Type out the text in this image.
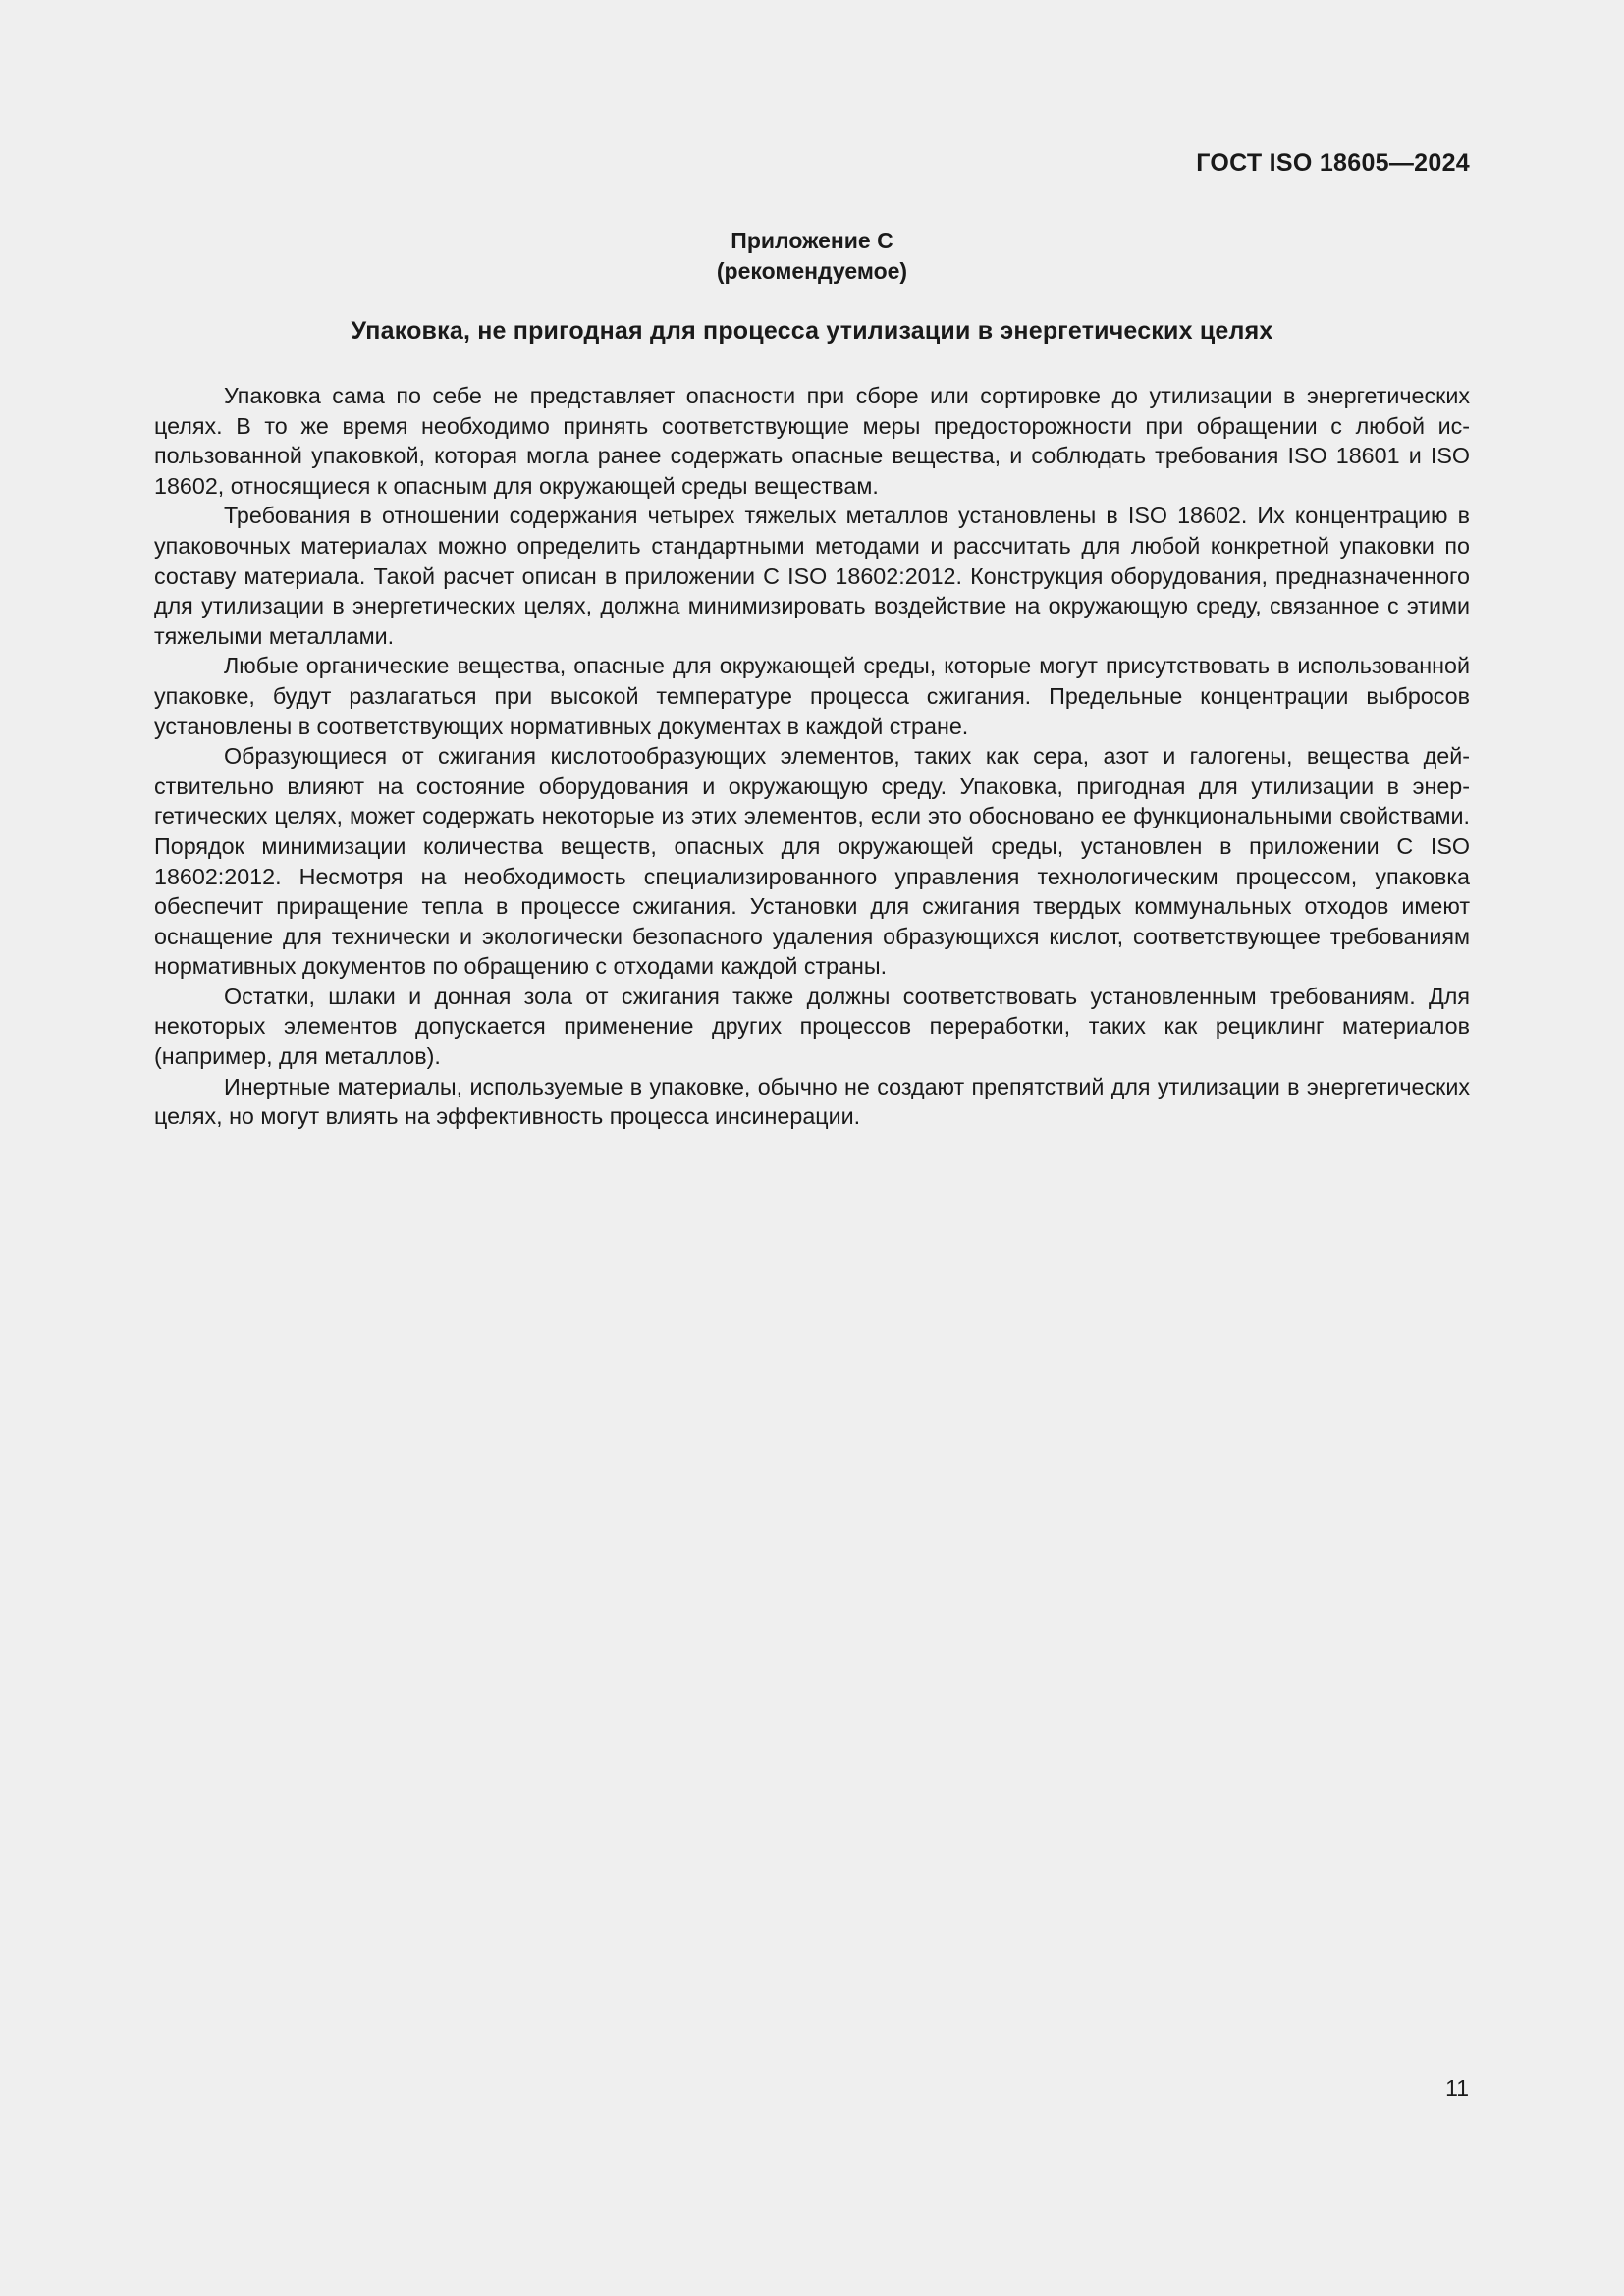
ГОСТ ISO 18605—2024
Приложение С
(рекомендуемое)
Упаковка, не пригодная для процесса утилизации в энергетических целях

Упаковка сама по себе не представляет опасности при сборе или сортировке до утилизации в энергетических целях. В то же время необходимо принять соответствующие меры предосторожности при обращении с любой использованной упаковкой, которая могла ранее содержать опасные вещества, и соблюдать требования ISO 18601 и ISO 18602, относящиеся к опасным для окружающей среды веществам.

Требования в отношении содержания четырех тяжелых металлов установлены в ISO 18602. Их концентрацию в упаковочных материалах можно определить стандартными методами и рассчитать для любой конкретной упаковки по составу материала. Такой расчет описан в приложении С ISO 18602:2012. Конструкция оборудования, предназначенного для утилизации в энергетических целях, должна минимизировать воздействие на окружающую среду, связанное с этими тяжелыми металлами.

Любые органические вещества, опасные для окружающей среды, которые могут присутствовать в использованной упаковке, будут разлагаться при высокой температуре процесса сжигания. Предельные концентрации выбросов установлены в соответствующих нормативных документах в каждой стране.

Образующиеся от сжигания кислотообразующих элементов, таких как сера, азот и галогены, вещества действительно влияют на состояние оборудования и окружающую среду. Упаковка, пригодная для утилизации в энергетических целях, может содержать некоторые из этих элементов, если это обосновано ее функциональными свойствами. Порядок минимизации количества веществ, опасных для окружающей среды, установлен в приложении С ISO 18602:2012. Несмотря на необходимость специализированного управления технологическим процессом, упаковка обеспечит приращение тепла в процессе сжигания. Установки для сжигания твердых коммунальных отходов имеют оснащение для технически и экологически безопасного удаления образующихся кислот, соответствующее требованиям нормативных документов по обращению с отходами каждой страны.

Остатки, шлаки и донная зола от сжигания также должны соответствовать установленным требованиям. Для некоторых элементов допускается применение других процессов переработки, таких как рециклинг материалов (например, для металлов).

Инертные материалы, используемые в упаковке, обычно не создают препятствий для утилизации в энергетических целях, но могут влиять на эффективность процесса инсинерации.

11
